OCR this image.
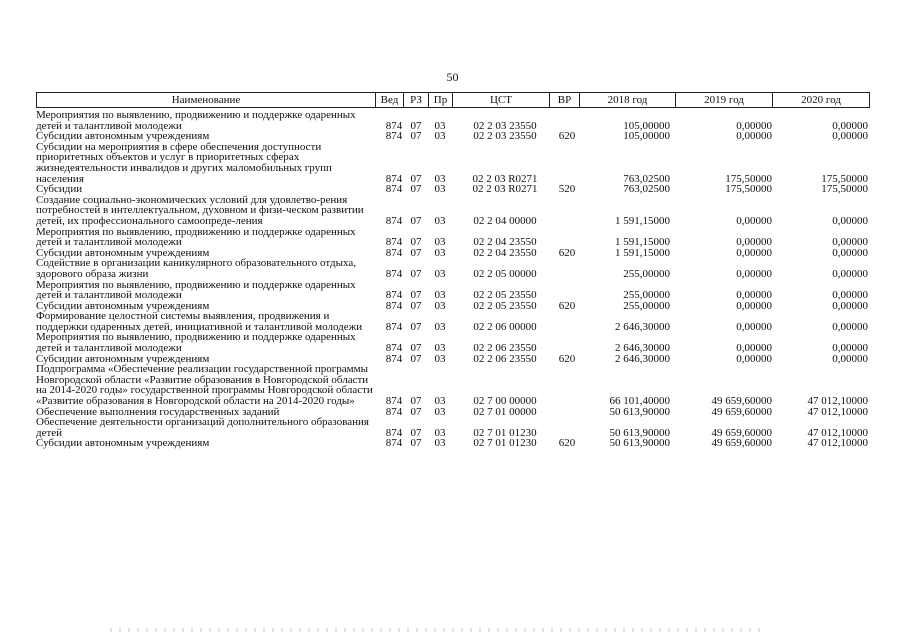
50
Наименование	Вед	РЗ	Пр	ЦСТ	ВР	2018 год	2019 год	2020 год
Мероприятия по выявлению, продвижению и поддержке одаренных детей и талантливой молодежи	874 07	03	02 2 03 23550	105,00000	0,00000	0,00000
Субсидии автономным учреждениям	874 07	03	02 2 03 23550	620	105,00000	0,00000	0,00000
Субсидии на мероприятия в сфере обеспечения доступности приоритетных объектов и услуг в приоритетных сферах жизнедеятельности инвалидов и других маломобильных групп населения	874 07	03	02 2 03 R0271	763,02500	175,50000	175,50000
Субсидии	874 07	03	02 2 03 R0271	520	763,02500	175,50000	175,50000
Создание социально-экономических условий для удовлетво-рения потребностей в интеллектуальном, духовном и физи-ческом развитии детей, их профессионального самоопреде-ления	874 07	03	02 2 04 00000	1 591,15000	0,00000	0,00000
Мероприятия по выявлению, продвижению и поддержке одаренных детей и талантливой молодежи	874 07	03	02 2 04 23550	1 591,15000	0,00000	0,00000
Субсидии автономным учреждениям	874 07	03	02 2 04 23550	620	1 591,15000	0,00000	0,00000
Содействие в организации каникулярного образовательного отдыха, здорового образа жизни	874 07	03	02 2 05 00000	255,00000	0,00000	0,00000
Мероприятия по выявлению, продвижению и поддержке одаренных детей и талантливой молодежи	874 07	03	02 2 05 23550	255,00000	0,00000	0,00000
Субсидии автономным учреждениям	874 07	03	02 2 05 23550	620	255,00000	0,00000	0,00000
Формирование целостной системы выявления, продвижения и поддержки одаренных детей, инициативной и талантливой молодежи	874 07	03	02 2 06 00000	2 646,30000	0,00000	0,00000
Мероприятия по выявлению, продвижению и поддержке одаренных детей и талантливой молодежи	874 07	03	02 2 06 23550	2 646,30000	0,00000	0,00000
Субсидии автономным учреждениям	874 07	03	02 2 06 23550	620	2 646,30000	0,00000	0,00000
Подпрограмма «Обеспечение реализации государственной программы Новгородской области «Развитие образования в Новгородской области на 2014-2020 годы» государственной программы Новгородской области «Развитие образования в Новгородской области на 2014-2020 годы»	874 07	03	02 7 00 00000	66 101,40000	49 659,60000	47 012,10000
Обеспечение выполнения государственных заданий	874 07	03	02 7 01 00000	50 613,90000	49 659,60000	47 012,10000
Обеспечение деятельности организаций дополнительного образования детей	874 07	03	02 7 01 01230	50 613,90000	49 659,60000	47 012,10000
Субсидии автономным учреждениям	874 07	03	02 7 01 01230	620	50 613,90000	49 659,60000	47 012,10000
